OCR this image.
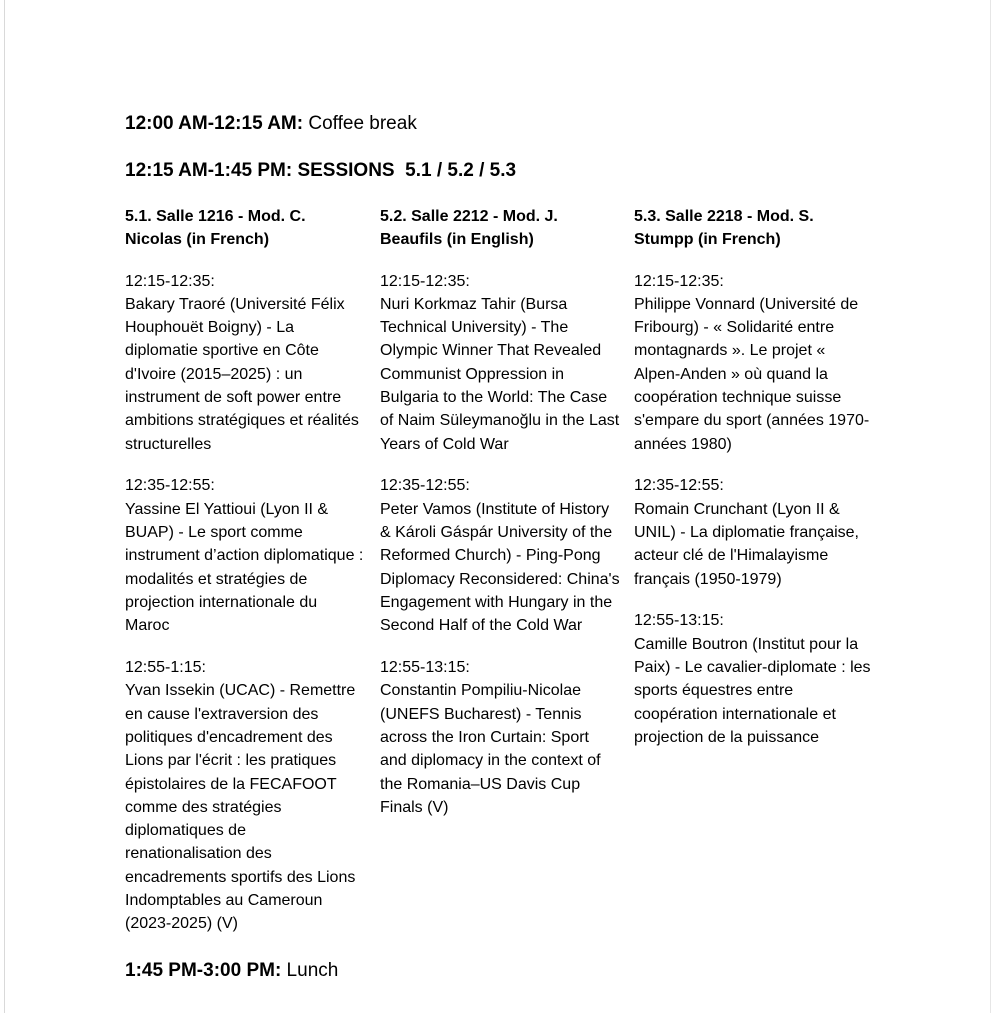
12:00 AM-12:15 AM: Coffee break
12:15 AM-1:45 PM: SESSIONS  5.1 / 5.2 / 5.3
5.1. Salle 1216 - Mod. C. Nicolas (in French)
12:15-12:35:
Bakary Traoré (Université Félix Houphouët Boigny) - La diplomatie sportive en Côte d'Ivoire (2015–2025) : un instrument de soft power entre ambitions stratégiques et réalités structurelles
12:35-12:55:
Yassine El Yattioui (Lyon II & BUAP) - Le sport comme instrument d’action diplomatique : modalités et stratégies de projection internationale du Maroc
12:55-1:15:
Yvan Issekin (UCAC) - Remettre en cause l'extraversion des politiques d'encadrement des Lions par l'écrit : les pratiques épistolaires de la FECAFOOT comme des stratégies diplomatiques de renationalisation des encadrements sportifs des Lions Indomptables au Cameroun (2023-2025) (V)
5.2. Salle 2212 - Mod. J. Beaufils (in English)
12:15-12:35:
Nuri Korkmaz Tahir (Bursa Technical University) - The Olympic Winner That Revealed Communist Oppression in Bulgaria to the World: The Case of Naim Süleymanoğlu in the Last Years of Cold War
12:35-12:55:
Peter Vamos (Institute of History & Károli Gáspár University of the Reformed Church) - Ping-Pong Diplomacy Reconsidered: China's Engagement with Hungary in the Second Half of the Cold War
12:55-13:15:
Constantin Pompiliu-Nicolae (UNEFS Bucharest) - Tennis across the Iron Curtain: Sport and diplomacy in the context of the Romania–US Davis Cup Finals (V)
5.3. Salle 2218 - Mod. S. Stumpp (in French)
12:15-12:35:
Philippe Vonnard (Université de Fribourg) - « Solidarité entre montagnards ». Le projet « Alpen-Anden » où quand la coopération technique suisse s'empare du sport (années 1970-années 1980)
12:35-12:55:
Romain Crunchant (Lyon II & UNIL) - La diplomatie française, acteur clé de l'Himalayisme français (1950-1979)
12:55-13:15:
Camille Boutron (Institut pour la Paix) - Le cavalier-diplomate : les sports équestres entre coopération internationale et projection de la puissance
1:45 PM-3:00 PM: Lunch
